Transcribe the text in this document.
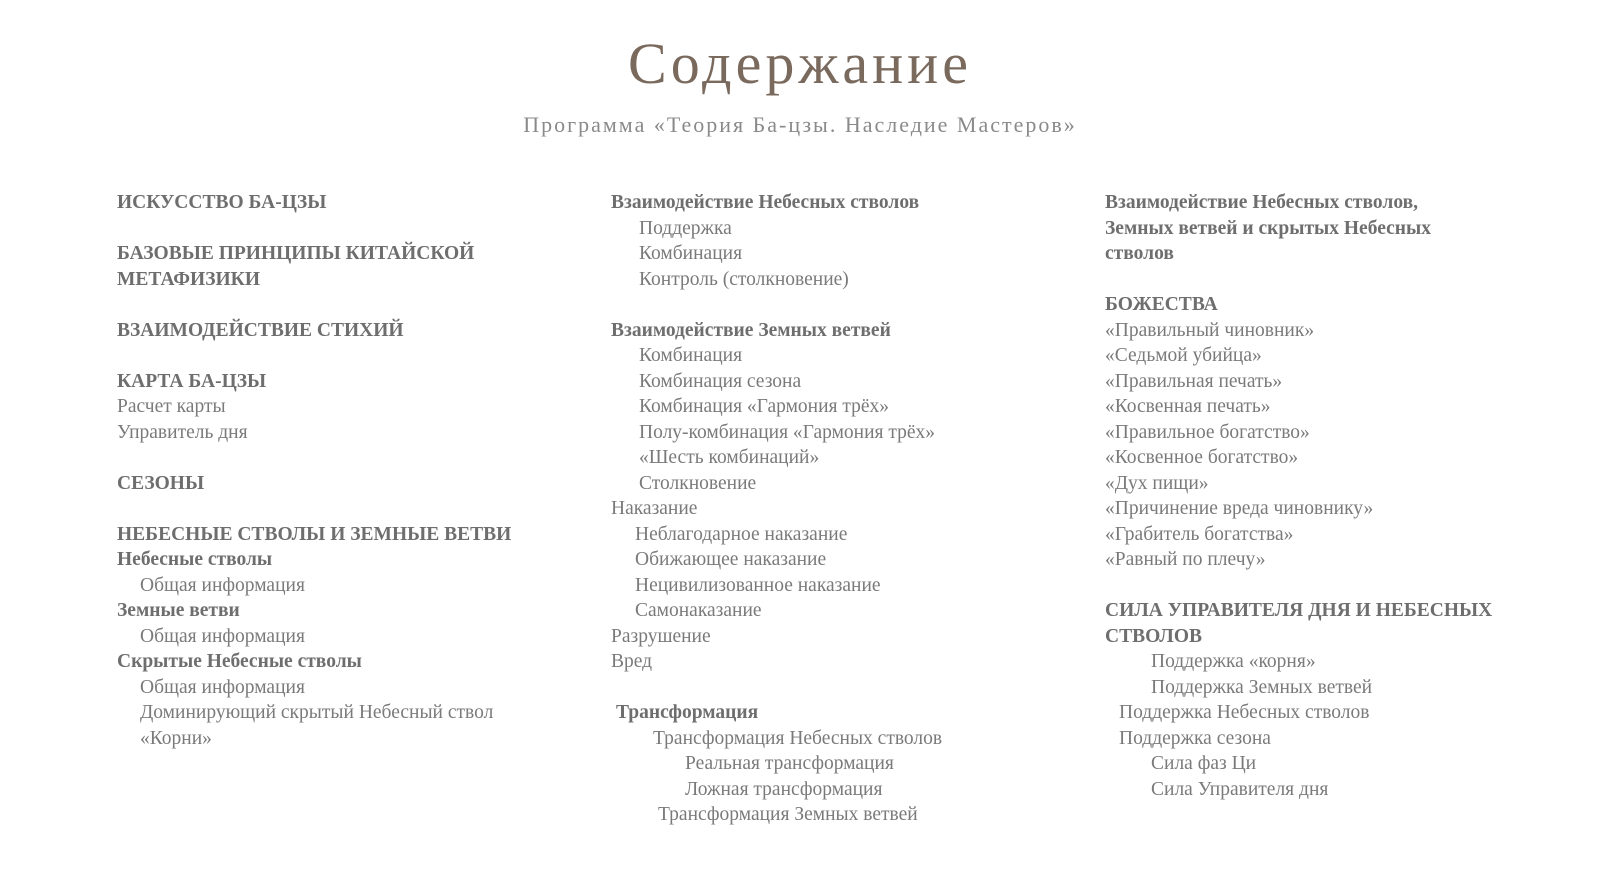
Содержание
Программа «Теория Ба-цзы. Наследие Мастеров»
ИСКУССТВО БА-ЦЗЫ
БАЗОВЫЕ ПРИНЦИПЫ КИТАЙСКОЙ МЕТАФИЗИКИ
ВЗАИМОДЕЙСТВИЕ СТИХИЙ
КАРТА БА-ЦЗЫ
Расчет карты
Управитель дня
СЕЗОНЫ
НЕБЕСНЫЕ СТВОЛЫ И ЗЕМНЫЕ ВЕТВИ
Небесные стволы
Общая информация
Земные ветви
Общая информация
Скрытые Небесные стволы
Общая информация
Доминирующий скрытый Небесный ствол
«Корни»
Взаимодействие Небесных стволов
Поддержка
Комбинация
Контроль (столкновение)
Взаимодействие Земных ветвей
Комбинация
Комбинация сезона
Комбинация «Гармония трёх»
Полу-комбинация «Гармония трёх»
«Шесть комбинаций»
Столкновение
Наказание
Неблагодарное наказание
Обижающее наказание
Нецивилизованное наказание
Самонаказание
Разрушение
Вред
Трансформация
Трансформация Небесных стволов
Реальная трансформация
Ложная трансформация
Трансформация Земных ветвей
Взаимодействие Небесных стволов, Земных ветвей и скрытых Небесных стволов
БОЖЕСТВА
«Правильный чиновник»
«Седьмой убийца»
«Правильная печать»
«Косвенная печать»
«Правильное богатство»
«Косвенное богатство»
«Дух пищи»
«Причинение вреда чиновнику»
«Грабитель богатства»
«Равный по плечу»
СИЛА УПРАВИТЕЛЯ ДНЯ И НЕБЕСНЫХ СТВОЛОВ
Поддержка «корня»
Поддержка Земных ветвей
Поддержка Небесных стволов
Поддержка сезона
Сила фаз Ци
Сила Управителя дня
